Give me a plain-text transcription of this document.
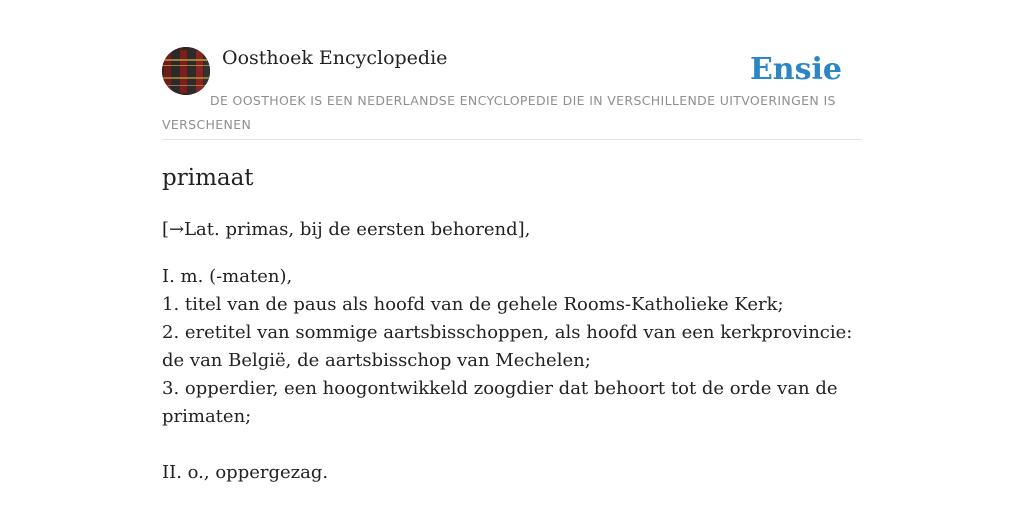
Oosthoek Encyclopedie	Ensie
DE OOSTHOEK IS EEN NEDERLANDSE ENCYCLOPEDIE DIE IN VERSCHILLENDE UITVOERINGEN IS VERSCHENEN
primaat

[→Lat. primas, bij de eersten behorend],

I. m. (-maten),
1. titel van de paus als hoofd van de gehele Rooms-Katholieke Kerk;
2. eretitel van sommige aartsbisschoppen, als hoofd van een kerkprovincie: de van België, de aartsbisschop van Mechelen;
3. opperdier, een hoogontwikkeld zoogdier dat behoort tot de orde van de primaten;
II. o., oppergezag.
